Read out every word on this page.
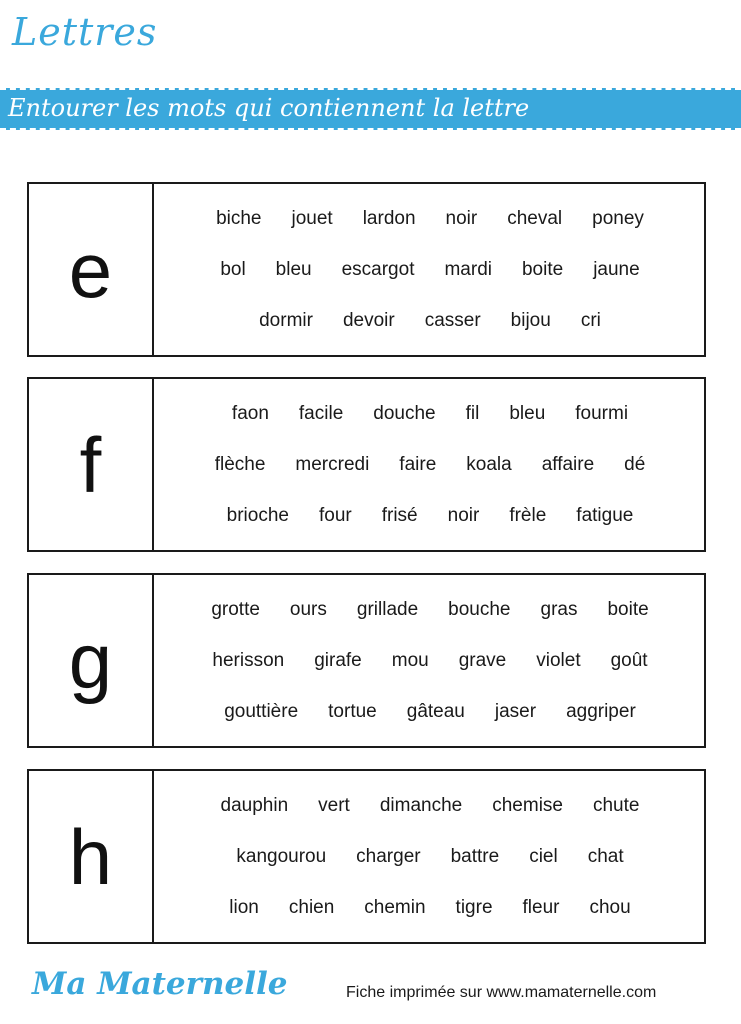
Lettres
Entourer les mots qui contiennent la lettre
e
biche jouet lardon noir cheval poney
bol bleu escargot mardi boite jaune
dormir devoir casser bijou cri
f
faon facile douche fil bleu fourmi
flèche mercredi faire koala affaire dé
brioche four frisé noir frèle fatigue
g
grotte ours grillade bouche gras boite
herisson girafe mou grave violet goût
gouttière tortue gâteau jaser aggriper
h
dauphin vert dimanche chemise chute
kangourou charger battre ciel chat
lion chien chemin tigre fleur chou
Ma Maternelle	Fiche imprimée sur www.mamaternelle.com
